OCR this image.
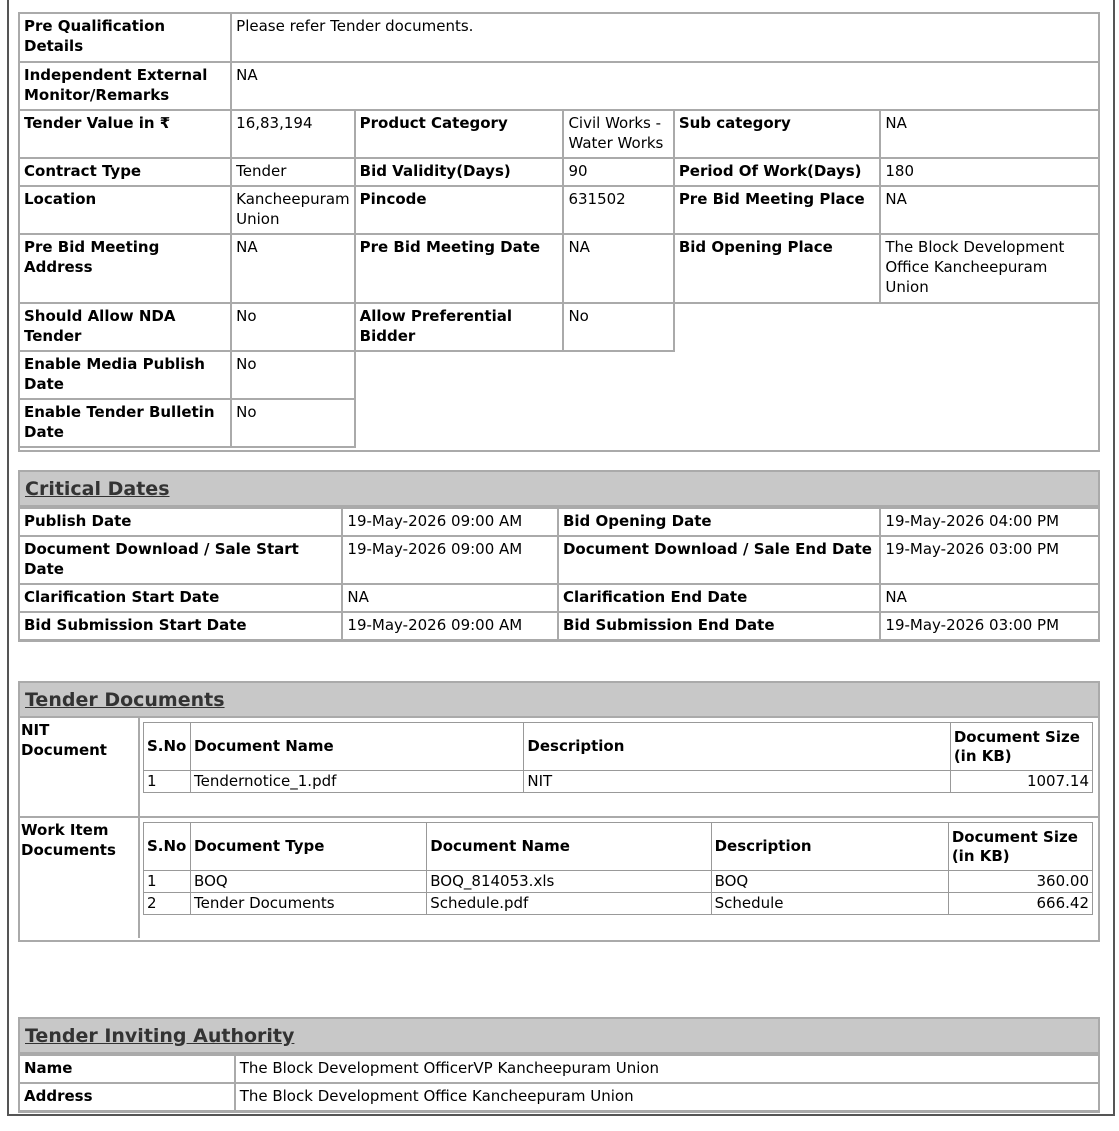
Pre Qualification Details	Please refer Tender documents.				
Independent External Monitor/Remarks	NA				
Tender Value in ₹	16,83,194	Product Category	Civil Works - Water Works	Sub category	NA
Contract Type	Tender	Bid Validity(Days)	90	Period Of Work(Days)	180
Location	Kancheepuram Union	Pincode	631502	Pre Bid Meeting Place	NA
Pre Bid Meeting Address	NA	Pre Bid Meeting Date	NA	Bid Opening Place	The Block Development Office Kancheepuram Union
Should Allow NDA Tender	No	Allow Preferential Bidder	No		
Enable Media Publish Date	No				
Enable Tender Bulletin Date	No				
Critical Dates
Publish Date	19-May-2026 09:00 AM	Bid Opening Date	19-May-2026 04:00 PM
Document Download / Sale Start Date	19-May-2026 09:00 AM	Document Download / Sale End Date	19-May-2026 03:00 PM
Clarification Start Date	NA	Clarification End Date	NA
Bid Submission Start Date	19-May-2026 09:00 AM	Bid Submission End Date	19-May-2026 03:00 PM
Tender Documents
NIT Document	S.No	Document Name	Description	Document Size (in KB)
1	Tendernotice_1.pdf	NIT	1007.14
Work Item Documents	S.No	Document Type	Document Name	Description	Document Size (in KB)
1	BOQ	BOQ_814053.xls	BOQ	360.00
2	Tender Documents	Schedule.pdf	Schedule	666.42
Tender Inviting Authority
Name	The Block Development OfficerVP Kancheepuram Union
Address	The Block Development Office Kancheepuram Union
